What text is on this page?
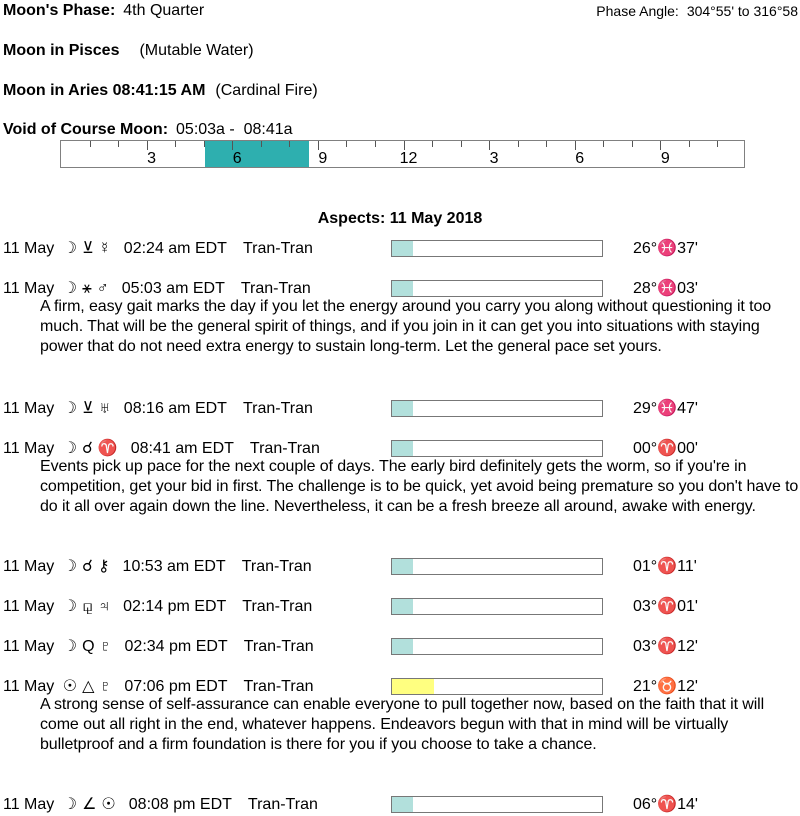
Moon's Phase: 4th Quarter	Phase Angle: 304°55' to 316°58
Moon in Pisces (Mutable Water)
Moon in Aries 08:41:15 AM (Cardinal Fire)
Void of Course Moon: 05:03a - 08:41a
3	6	9	12	3	6	9
Aspects: 11 May 2018
11 May ☽ ⊻ ☿ 02:24 am EDT Tran-Tran	26°♓37'
11 May ☽ ⚹ ♂ 05:03 am EDT Tran-Tran	28°♓03'
A firm, easy gait marks the day if you let the energy around you carry you along without questioning it too much. That will be the general spirit of things, and if you join in it can get you into situations with staying power that do not need extra energy to sustain long-term. Let the general pace set yours.
11 May ☽ ⊻ ♅ 08:16 am EDT Tran-Tran	29°♓47'
11 May ☽ ☌ ♈ 08:41 am EDT Tran-Tran	00°♈00'
Events pick up pace for the next couple of days. The early bird definitely gets the worm, so if you're in competition, get your bid in first. The challenge is to be quick, yet avoid being premature so you don't have to do it all over again down the line. Nevertheless, it can be a fresh breeze all around, awake with energy.
11 May ☽ ☌ ⚷ 10:53 am EDT Tran-Tran	01°♈11'
11 May ☽ ⚼ ♃ 02:14 pm EDT Tran-Tran	03°♈01'
11 May ☽ Q ♇ 02:34 pm EDT Tran-Tran	03°♈12'
11 May ☉ △ ♇ 07:06 pm EDT Tran-Tran	21°♉12'
A strong sense of self-assurance can enable everyone to pull together now, based on the faith that it will come out all right in the end, whatever happens. Endeavors begun with that in mind will be virtually bulletproof and a firm foundation is there for you if you choose to take a chance.
11 May ☽ ∠ ☉ 08:08 pm EDT Tran-Tran	06°♈14'
